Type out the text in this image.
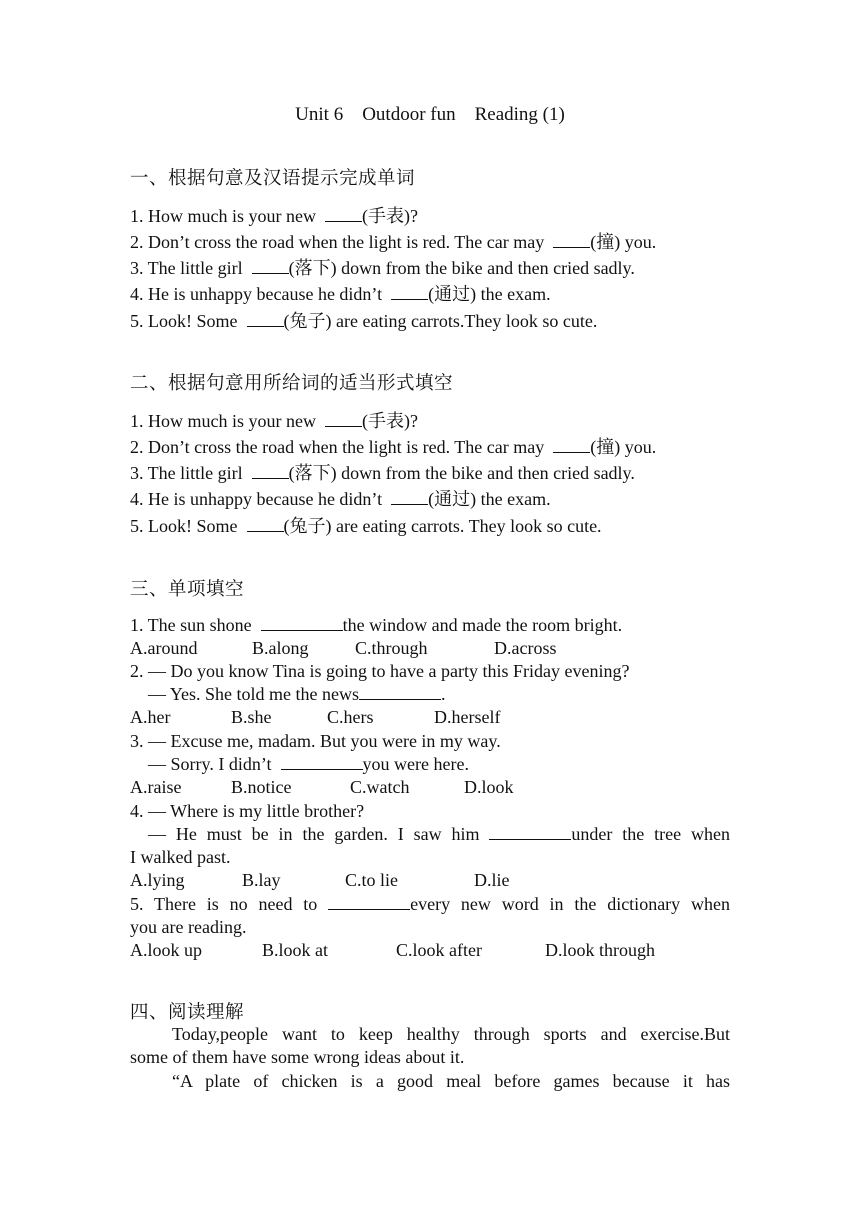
Unit 6    Outdoor fun    Reading (1)
一、根据句意及汉语提示完成单词
1. How much is your new  (手表)?
2. Don’t cross the road when the light is red. The car may  (撞) you.
3. The little girl  (落下) down from the bike and then cried sadly.
4. He is unhappy because he didn’t  (通过) the exam.
5. Look! Some  (兔子) are eating carrots.They look so cute.
二、根据句意用所给词的适当形式填空
1. How much is your new  (手表)?
2. Don’t cross the road when the light is red. The car may  (撞) you.
3. The little girl  (落下) down from the bike and then cried sadly.
4. He is unhappy because he didn’t  (通过) the exam.
5. Look! Some  (兔子) are eating carrots. They look so cute.
三、单项填空
1. The sun shone	the window and made the room bright.
A.around	B.along	C.through	D.across
2. — Do you know Tina is going to have a party this Friday evening?
— Yes. She told me the news	.
A.her	B.she	C.hers	D.herself
3. — Excuse me, madam. But you were in my way.
— Sorry. I didn’t	you were here.
A.raise	B.notice	C.watch	D.look
4. — Where is my little brother?
— He must be in the garden. I saw him	under the tree when
I walked past.
A.lying	B.lay	C.to lie	D.lie
5. There is no need to	every new word in the dictionary when
you are reading.
A.look up	B.look at	C.look after	D.look through
四、阅读理解
Today,people want to keep healthy through sports and exercise.But
some of them have some wrong ideas about it.
“A plate of chicken is a good meal before games because it has
